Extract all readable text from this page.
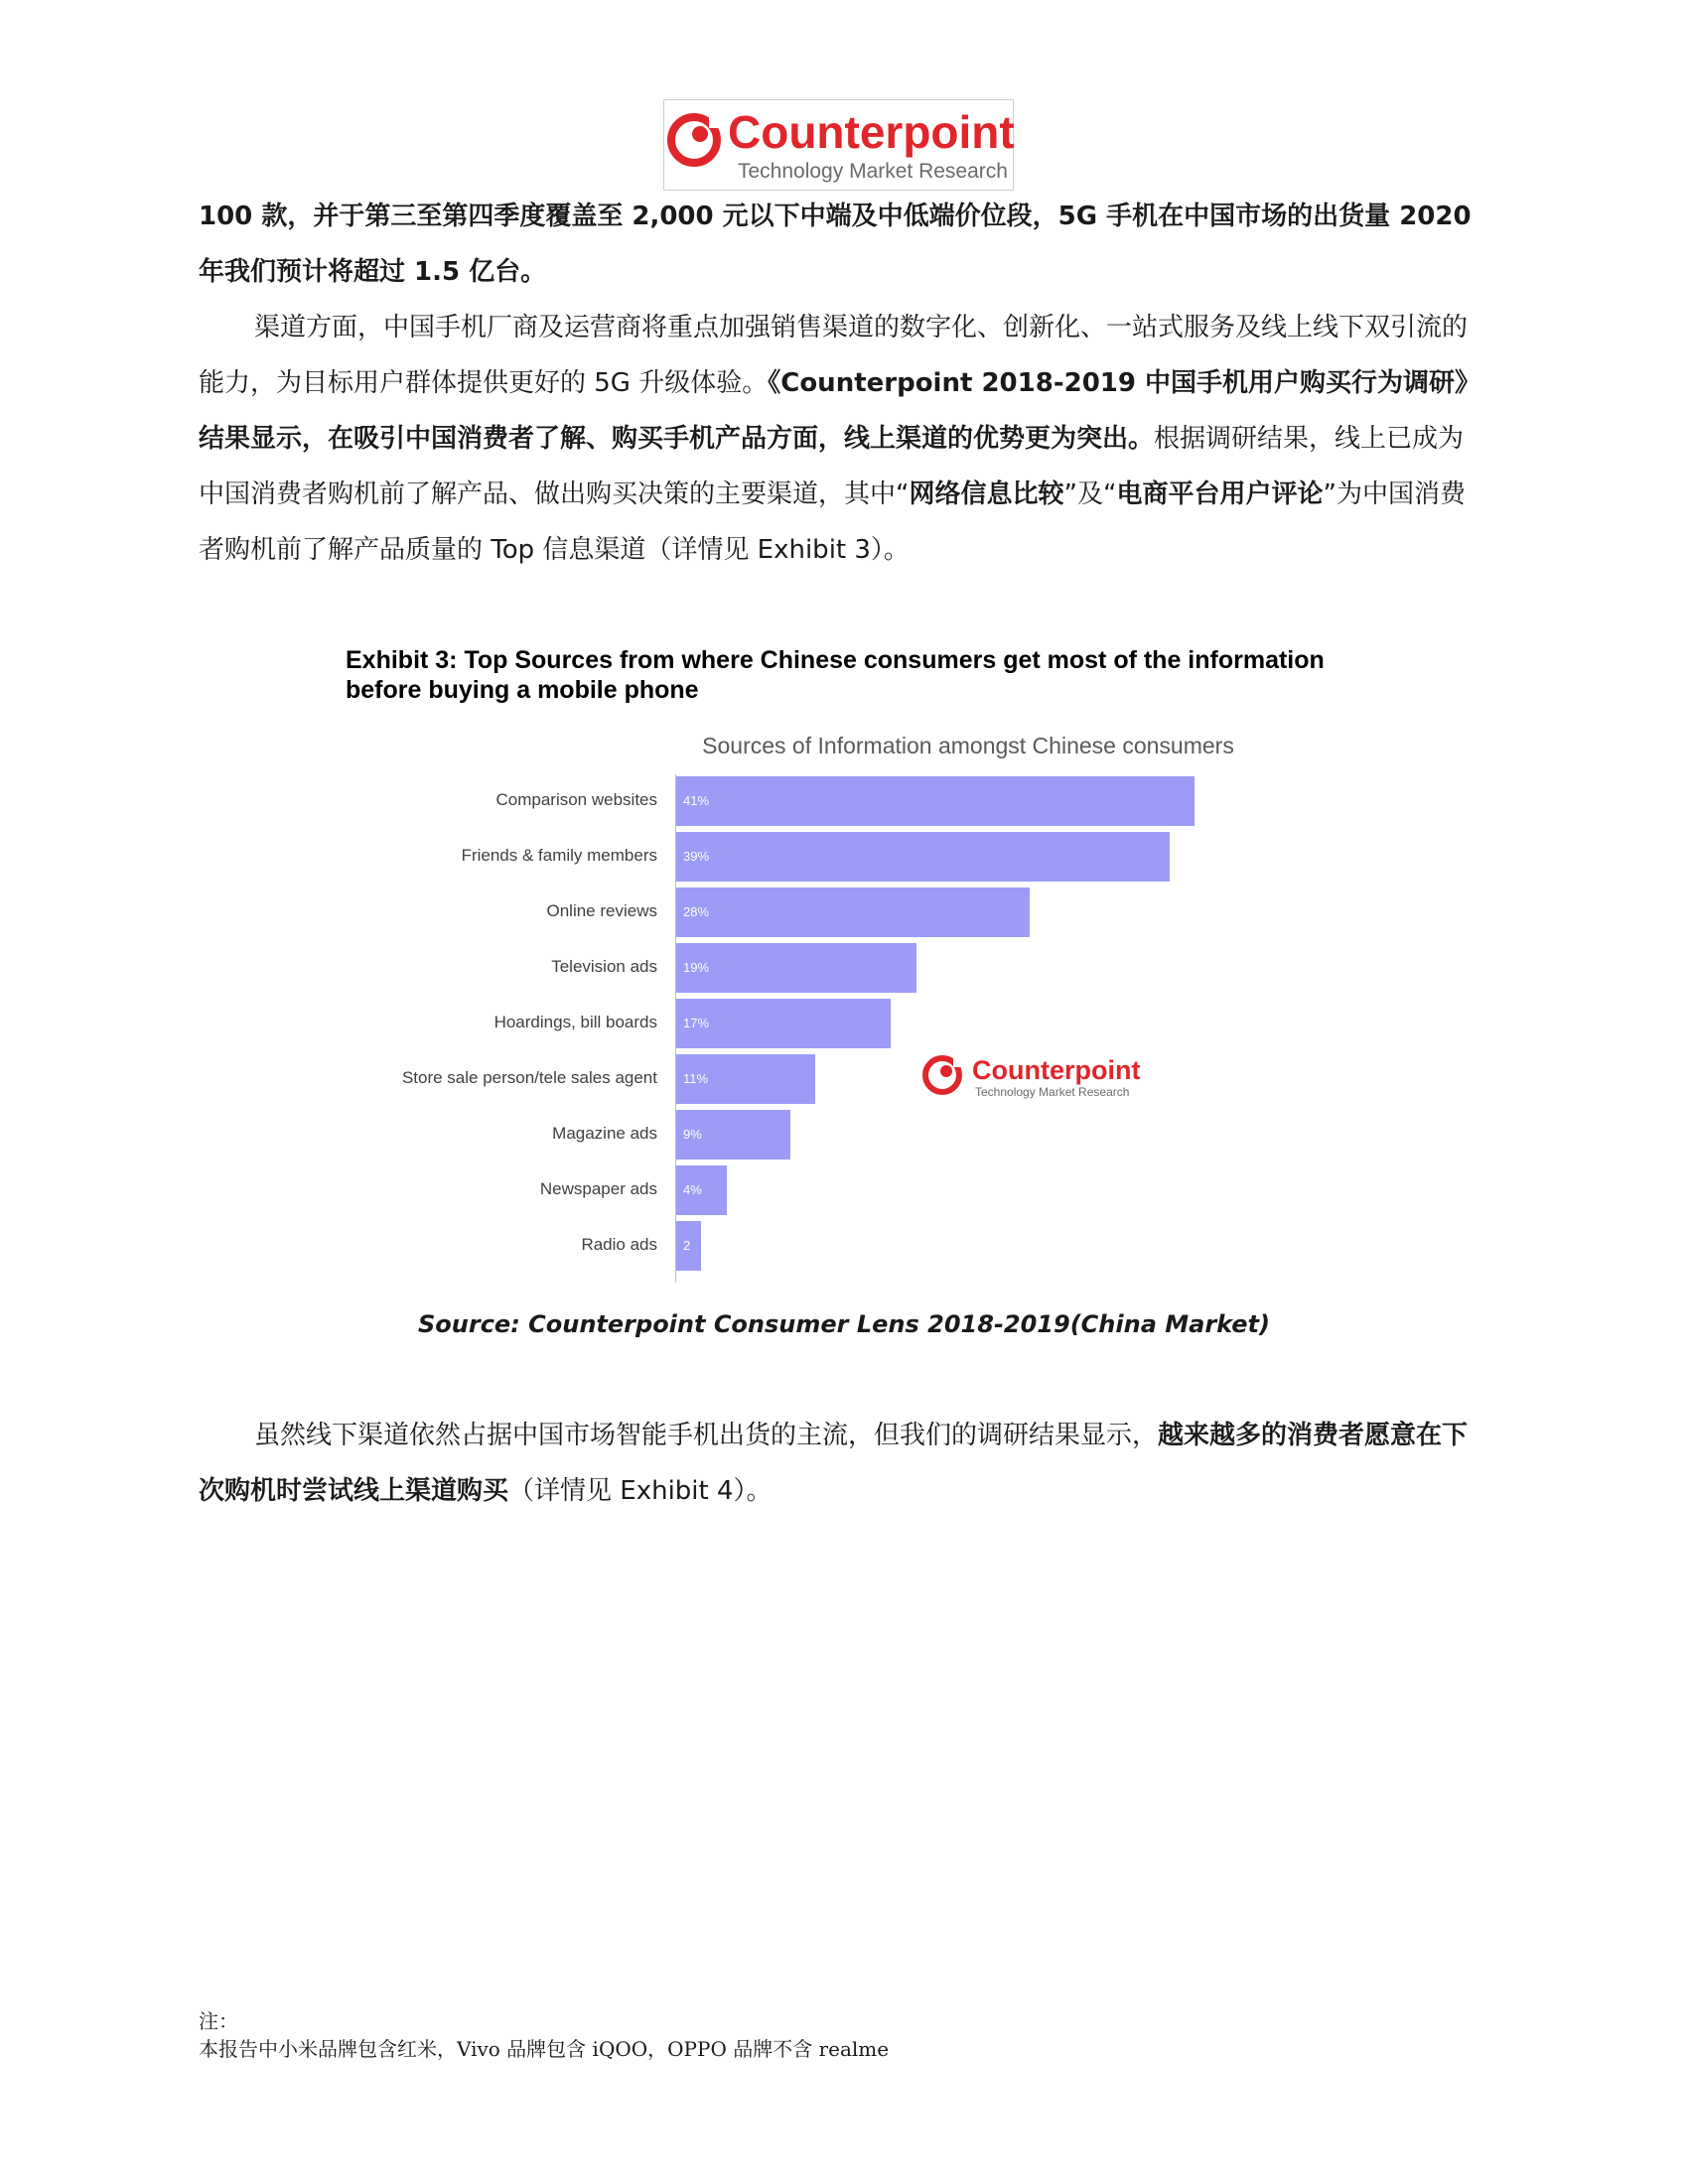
Counterpoint
Technology Market Research

100 款，并于第三至第四季度覆盖至 2,000 元以下中端及中低端价位段，5G 手机在中国市场的出货量 2020 年我们预计将超过 1.5 亿台。

渠道方面，中国手机厂商及运营商将重点加强销售渠道的数字化、创新化、一站式服务及线上线下双引流的能力，为目标用户群体提供更好的 5G 升级体验。《Counterpoint 2018-2019 中国手机用户购买行为调研》结果显示，在吸引中国消费者了解、购买手机产品方面，线上渠道的优势更为突出。根据调研结果，线上已成为中国消费者购机前了解产品、做出购买决策的主要渠道，其中“网络信息比较”及“电商平台用户评论”为中国消费者购机前了解产品质量的 Top 信息渠道（详情见 Exhibit 3）。

Exhibit 3: Top Sources from where Chinese consumers get most of the information before buying a mobile phone
Sources of Information amongst Chinese consumers
Comparison websites
Friends & family members
Online reviews
Television ads
Hoardings, bill boards
Store sale person/tele sales agent
Magazine ads
Newspaper ads
Radio ads
41%
39%
28%
19%
17%
11%
9%
4%
2
Counterpoint
Technology Market Research
Source: Counterpoint Consumer Lens 2018-2019(China Market)

虽然线下渠道依然占据中国市场智能手机出货的主流，但我们的调研结果显示，越来越多的消费者愿意在下次购机时尝试线上渠道购买（详情见 Exhibit 4）。

注：
本报告中小米品牌包含红米，Vivo 品牌包含 iQOO，OPPO 品牌不含 realme
